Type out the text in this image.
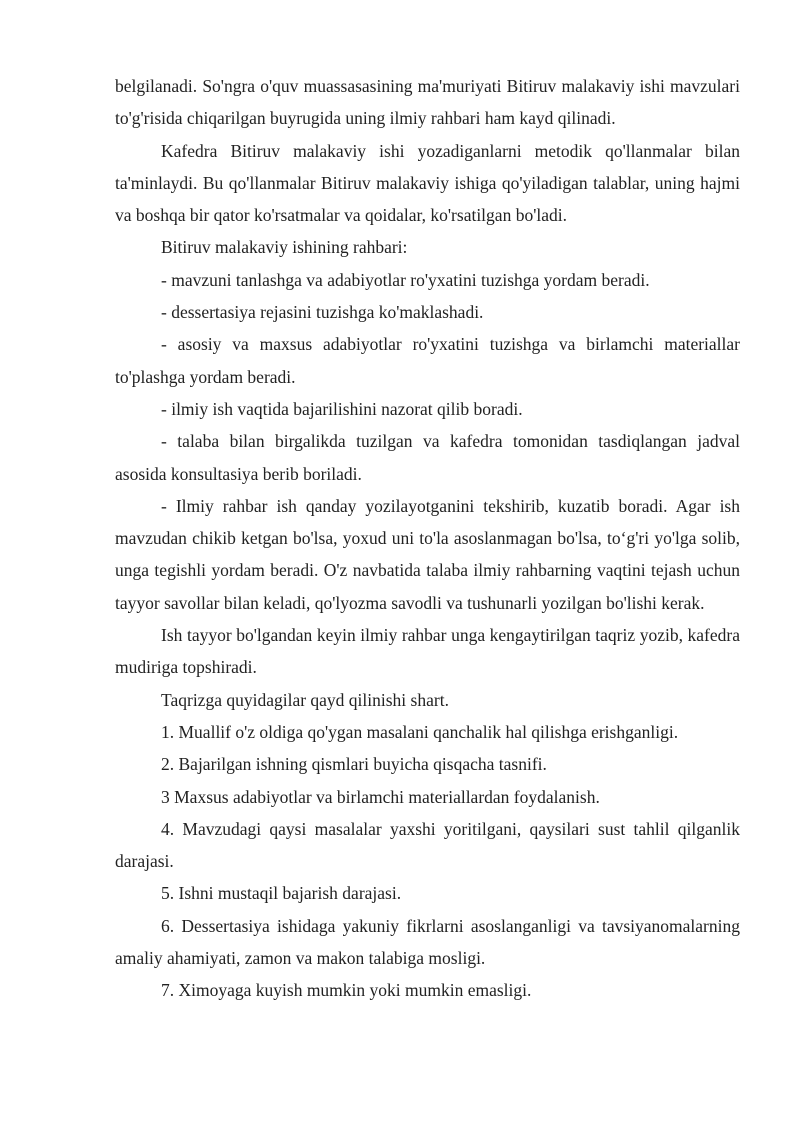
belgilanadi. So'ngra o'quv muassasasining ma'muriyati Bitiruv malakaviy ishi mavzulari to'g'risida chiqarilgan buyrugida uning ilmiy rahbari ham kayd qilinadi.

Kafedra Bitiruv malakaviy ishi yozadiganlarni metodik qo'llanmalar bilan ta'minlaydi. Bu qo'llanmalar Bitiruv malakaviy ishiga qo'yiladigan talablar, uning hajmi va boshqa bir qator ko'rsatmalar va qoidalar, ko'rsatilgan bo'ladi.

Bitiruv malakaviy ishining rahbari:

- mavzuni tanlashga va adabiyotlar ro'yxatini tuzishga yordam beradi.

- dessertasiya rejasini tuzishga ko'maklashadi.

- asosiy va maxsus adabiyotlar ro'yxatini tuzishga va birlamchi materiallar to'plashga yordam beradi.

- ilmiy ish vaqtida bajarilishini nazorat qilib boradi.

- talaba bilan birgalikda tuzilgan va kafedra tomonidan tasdiqlangan jadval asosida konsultasiya berib boriladi.

- Ilmiy rahbar ish qanday yozilayotganini tekshirib, kuzatib boradi. Agar ish mavzudan chikib ketgan bo'lsa, yoxud uni to'la asoslanmagan bo'lsa, to‘g'ri yo'lga solib, unga tegishli yordam beradi. O'z navbatida talaba ilmiy rahbarning vaqtini tejash uchun tayyor savollar bilan keladi, qo'lyozma savodli va tushunarli yozilgan bo'lishi kerak.

Ish tayyor bo'lgandan keyin ilmiy rahbar unga kengaytirilgan taqriz yozib, kafedra mudiriga topshiradi.

Taqrizga quyidagilar qayd qilinishi shart.

1. Muallif o'z oldiga qo'ygan masalani qanchalik hal qilishga erishganligi.

2. Bajarilgan ishning qismlari buyicha qisqacha tasnifi.

3 Maxsus adabiyotlar va birlamchi materiallardan foydalanish.

4. Mavzudagi qaysi masalalar yaxshi yoritilgani, qaysilari sust tahlil qilganlik darajasi.

5. Ishni mustaqil bajarish darajasi.

6. Dessertasiya ishidaga yakuniy fikrlarni asoslanganligi va tavsiyanomalarning amaliy ahamiyati, zamon va makon talabiga mosligi.

7. Ximoyaga kuyish mumkin yoki mumkin emasligi.
